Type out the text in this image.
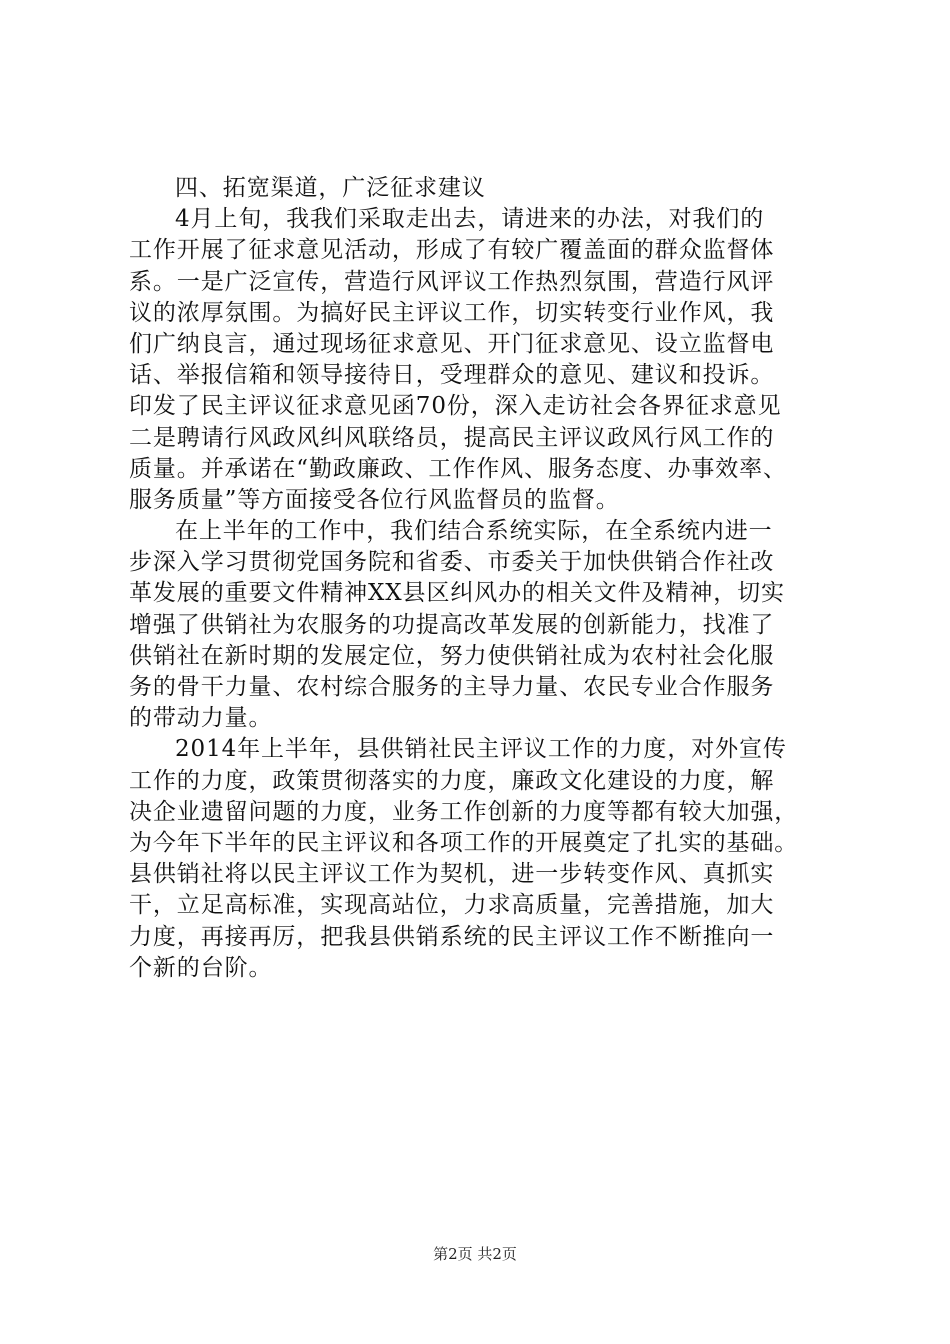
四、拓宽渠道，广泛征求建议
4月上旬，我我们采取走出去，请进来的办法，对我们的
工作开展了征求意见活动，形成了有较广覆盖面的群众监督体
系。一是广泛宣传，营造行风评议工作热烈氛围，营造行风评
议的浓厚氛围。为搞好民主评议工作，切实转变行业作风，我
们广纳良言，通过现场征求意见、开门征求意见、设立监督电
话、举报信箱和领导接待日，受理群众的意见、建议和投诉。
印发了民主评议征求意见函70份，深入走访社会各界征求意见
二是聘请行风政风纠风联络员，提高民主评议政风行风工作的
质量。并承诺在“勤政廉政、工作作风、服务态度、办事效率、
服务质量”等方面接受各位行风监督员的监督。
在上半年的工作中，我们结合系统实际，在全系统内进一
步深入学习贯彻党国务院和省委、市委关于加快供销合作社改
革发展的重要文件精神XX县区纠风办的相关文件及精神，切实
增强了供销社为农服务的功提高改革发展的创新能力，找准了
供销社在新时期的发展定位，努力使供销社成为农村社会化服
务的骨干力量、农村综合服务的主导力量、农民专业合作服务
的带动力量。
2014年上半年，县供销社民主评议工作的力度，对外宣传
工作的力度，政策贯彻落实的力度，廉政文化建设的力度，解
决企业遗留问题的力度，业务工作创新的力度等都有较大加强，
为今年下半年的民主评议和各项工作的开展奠定了扎实的基础。
县供销社将以民主评议工作为契机，进一步转变作风、真抓实
干，立足高标准，实现高站位，力求高质量，完善措施，加大
力度，再接再厉，把我县供销系统的民主评议工作不断推向一
个新的台阶。
第2页 共2页
